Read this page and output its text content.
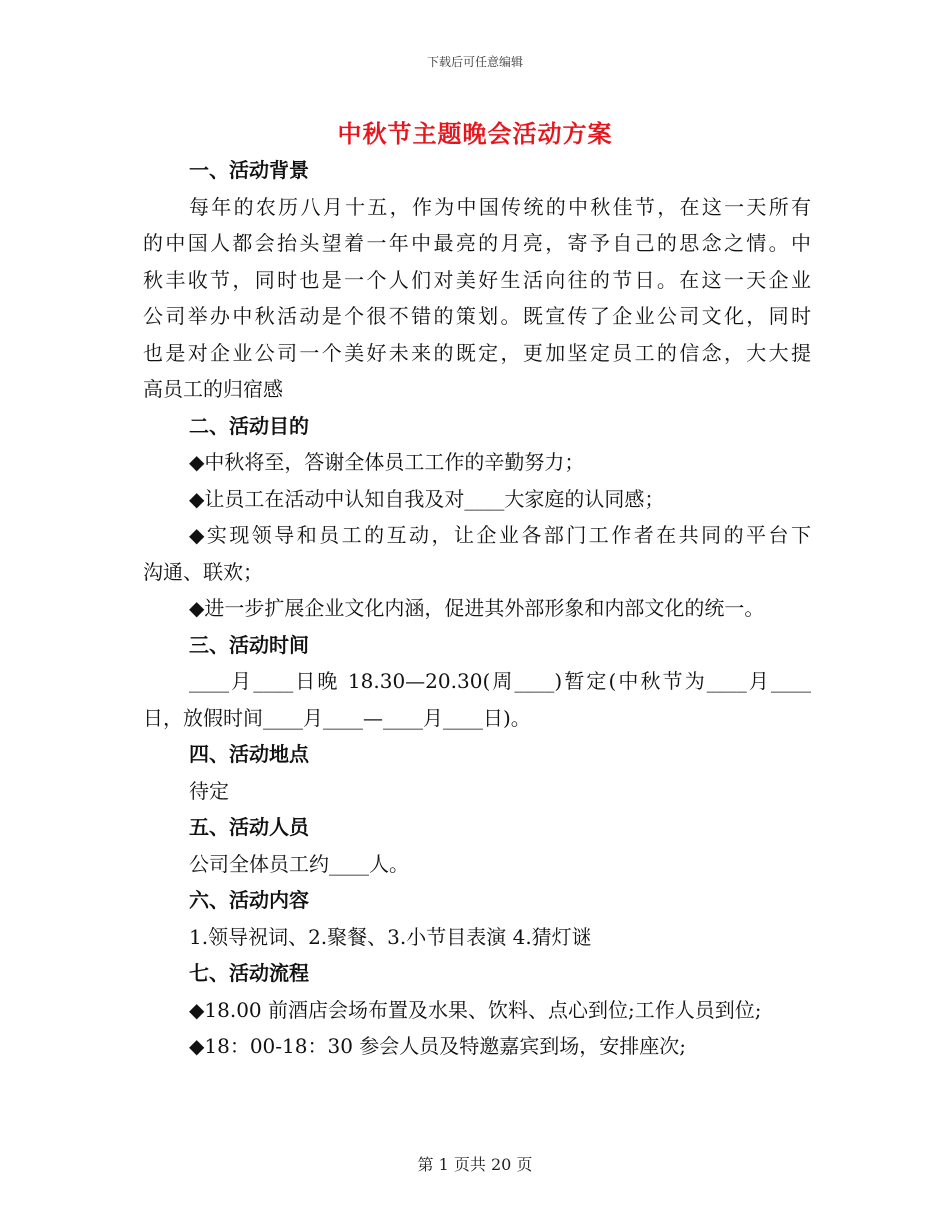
下载后可任意编辑
中秋节主题晚会活动方案
一、活动背景
每年的农历八月十五，作为中国传统的中秋佳节，在这一天所有
的中国人都会抬头望着一年中最亮的月亮，寄予自己的思念之情。中
秋丰收节，同时也是一个人们对美好生活向往的节日。在这一天企业
公司举办中秋活动是个很不错的策划。既宣传了企业公司文化，同时
也是对企业公司一个美好未来的既定，更加坚定员工的信念，大大提
高员工的归宿感
二、活动目的
◆中秋将至，答谢全体员工工作的辛勤努力；
◆让员工在活动中认知自我及对____大家庭的认同感；
◆实现领导和员工的互动，让企业各部门工作者在共同的平台下
沟通、联欢；
◆进一步扩展企业文化内涵，促进其外部形象和内部文化的统一。
三、活动时间
____月____日晚 18.30—20.30(周____)暂定(中秋节为____月____
日，放假时间____月____—____月____日)。
四、活动地点
待定
五、活动人员
公司全体员工约____人。
六、活动内容
1.领导祝词、2.聚餐、3.小节目表演 4.猜灯谜
七、活动流程
◆18.00 前酒店会场布置及水果、饮料、点心到位;工作人员到位;
◆18：00-18：30 参会人员及特邀嘉宾到场，安排座次;
第 1 页共 20 页
